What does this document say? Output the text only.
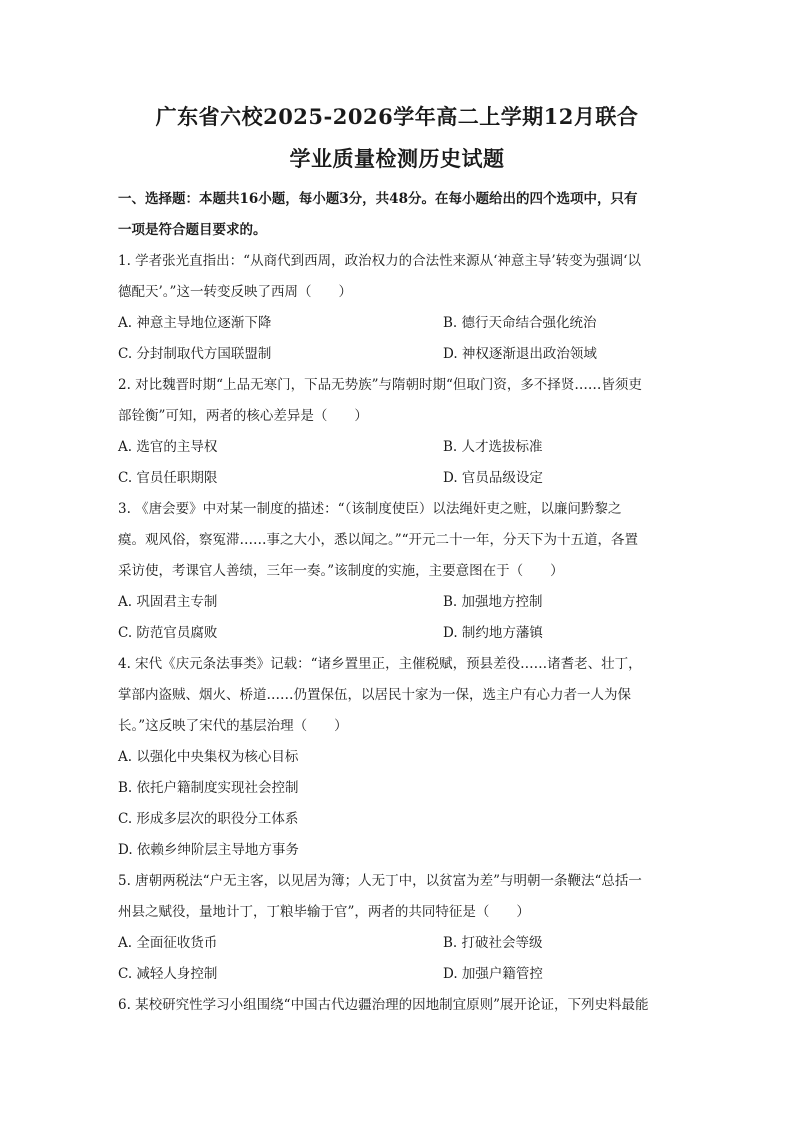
广东省六校2025-2026学年高二上学期12月联合
学业质量检测历史试题
一、选择题：本题共16小题，每小题3分，共48分。在每小题给出的四个选项中，只有
一项是符合题目要求的。
1. 学者张光直指出：“从商代到西周，政治权力的合法性来源从‘神意主导’转变为强调‘以
德配天’。”这一转变反映了西周（　　）
A. 神意主导地位逐渐下降	B. 德行天命结合强化统治
C. 分封制取代方国联盟制	D. 神权逐渐退出政治领域
2. 对比魏晋时期“上品无寒门，下品无势族”与隋朝时期“但取门资，多不择贤……皆须吏
部铨衡”可知，两者的核心差异是（　　）
A. 选官的主导权	B. 人才选拔标准
C. 官员任职期限	D. 官员品级设定
3. 《唐会要》中对某一制度的描述：“（该制度使臣）以法绳奸吏之赃，以廉问黔黎之
瘼。观风俗，察冤滞……事之大小，悉以闻之。”“开元二十一年，分天下为十五道，各置
采访使，考课官人善绩，三年一奏。”该制度的实施，主要意图在于（　　）
A. 巩固君主专制	B. 加强地方控制
C. 防范官员腐败	D. 制约地方藩镇
4. 宋代《庆元条法事类》记载：“诸乡置里正，主催税赋，预县差役……诸耆老、壮丁，
掌部内盗贼、烟火、桥道……仍置保伍，以居民十家为一保，选主户有心力者一人为保
长。”这反映了宋代的基层治理（　　）
A. 以强化中央集权为核心目标
B. 依托户籍制度实现社会控制
C. 形成多层次的职役分工体系
D. 依赖乡绅阶层主导地方事务
5. 唐朝两税法“户无主客，以见居为簿；人无丁中，以贫富为差”与明朝一条鞭法“总括一
州县之赋役，量地计丁，丁粮毕输于官”，两者的共同特征是（　　）
A. 全面征收货币	B. 打破社会等级
C. 减轻人身控制	D. 加强户籍管控
6. 某校研究性学习小组围绕“中国古代边疆治理的因地制宜原则”展开论证，下列史料最能
